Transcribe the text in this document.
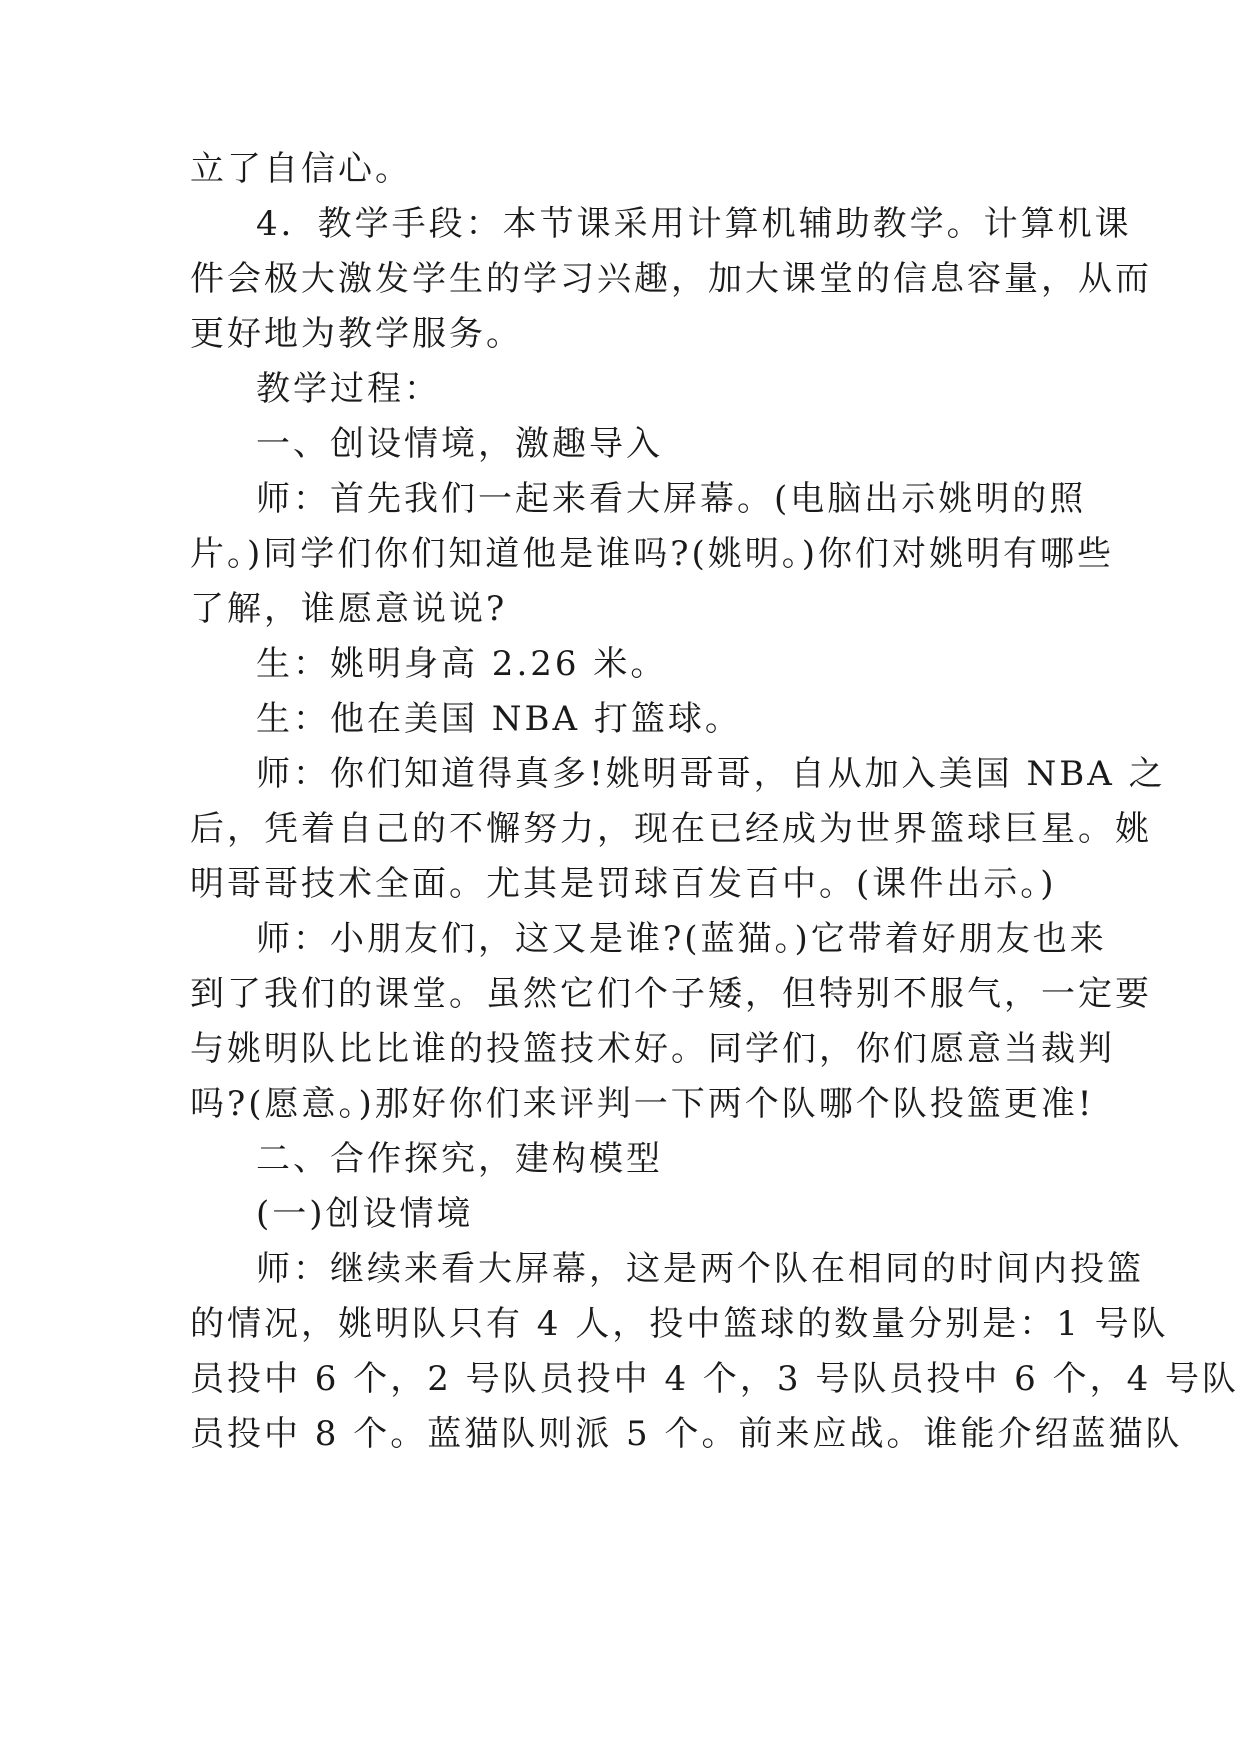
立了自信心。
4．教学手段：本节课采用计算机辅助教学。计算机课
件会极大激发学生的学习兴趣，加大课堂的信息容量，从而
更好地为教学服务。
教学过程：
一、创设情境，激趣导入
师：首先我们一起来看大屏幕。(电脑出示姚明的照
片。)同学们你们知道他是谁吗?(姚明。)你们对姚明有哪些
了解，谁愿意说说?
生：姚明身高 2.26 米。
生：他在美国 NBA 打篮球。
师：你们知道得真多!姚明哥哥，自从加入美国 NBA 之
后，凭着自己的不懈努力，现在已经成为世界篮球巨星。姚
明哥哥技术全面。尤其是罚球百发百中。(课件出示。)
师：小朋友们，这又是谁?(蓝猫。)它带着好朋友也来
到了我们的课堂。虽然它们个子矮，但特别不服气，一定要
与姚明队比比谁的投篮技术好。同学们，你们愿意当裁判
吗?(愿意。)那好你们来评判一下两个队哪个队投篮更准!
二、合作探究，建构模型
(一)创设情境
师：继续来看大屏幕，这是两个队在相同的时间内投篮
的情况，姚明队只有 4 人，投中篮球的数量分别是：1 号队
员投中 6 个，2 号队员投中 4 个，3 号队员投中 6 个，4 号队
员投中 8 个。蓝猫队则派 5 个。前来应战。谁能介绍蓝猫队
